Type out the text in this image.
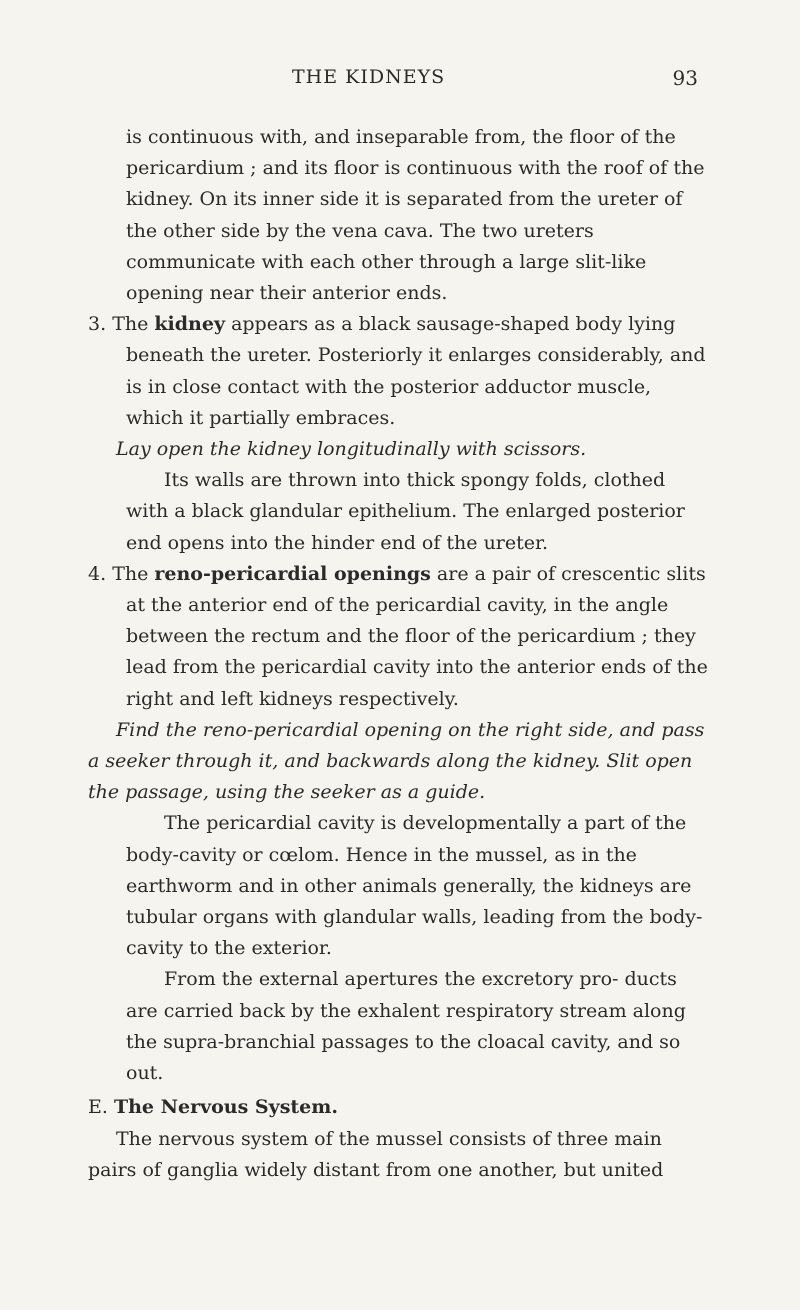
THE KIDNEYS	93

is continuous with, and inseparable from, the floor of the pericardium ; and its floor is continuous with the roof of the kidney. On its inner side it is separated from the ureter of the other side by the vena cava. The two ureters communicate with each other through a large slit-like opening near their anterior ends.

3. The kidney appears as a black sausage-shaped body lying beneath the ureter. Posteriorly it enlarges considerably, and is in close contact with the posterior adductor muscle, which it partially embraces.

Lay open the kidney longitudinally with scissors.

Its walls are thrown into thick spongy folds, clothed with a black glandular epithelium. The enlarged posterior end opens into the hinder end of the ureter.

4. The reno-pericardial openings are a pair of crescentic slits at the anterior end of the pericardial cavity, in the angle between the rectum and the floor of the pericardium ; they lead from the pericardial cavity into the anterior ends of the right and left kidneys respectively.

Find the reno-pericardial opening on the right side, and pass a seeker through it, and backwards along the kidney. Slit open the passage, using the seeker as a guide.

The pericardial cavity is developmentally a part of the body-cavity or cœlom. Hence in the mussel, as in the earthworm and in other animals generally, the kidneys are tubular organs with glandular walls, leading from the body-cavity to the exterior.

From the external apertures the excretory pro- ducts are carried back by the exhalent respiratory stream along the supra-branchial passages to the cloacal cavity, and so out.

E. The Nervous System.

The nervous system of the mussel consists of three main pairs of ganglia widely distant from one another, but united
